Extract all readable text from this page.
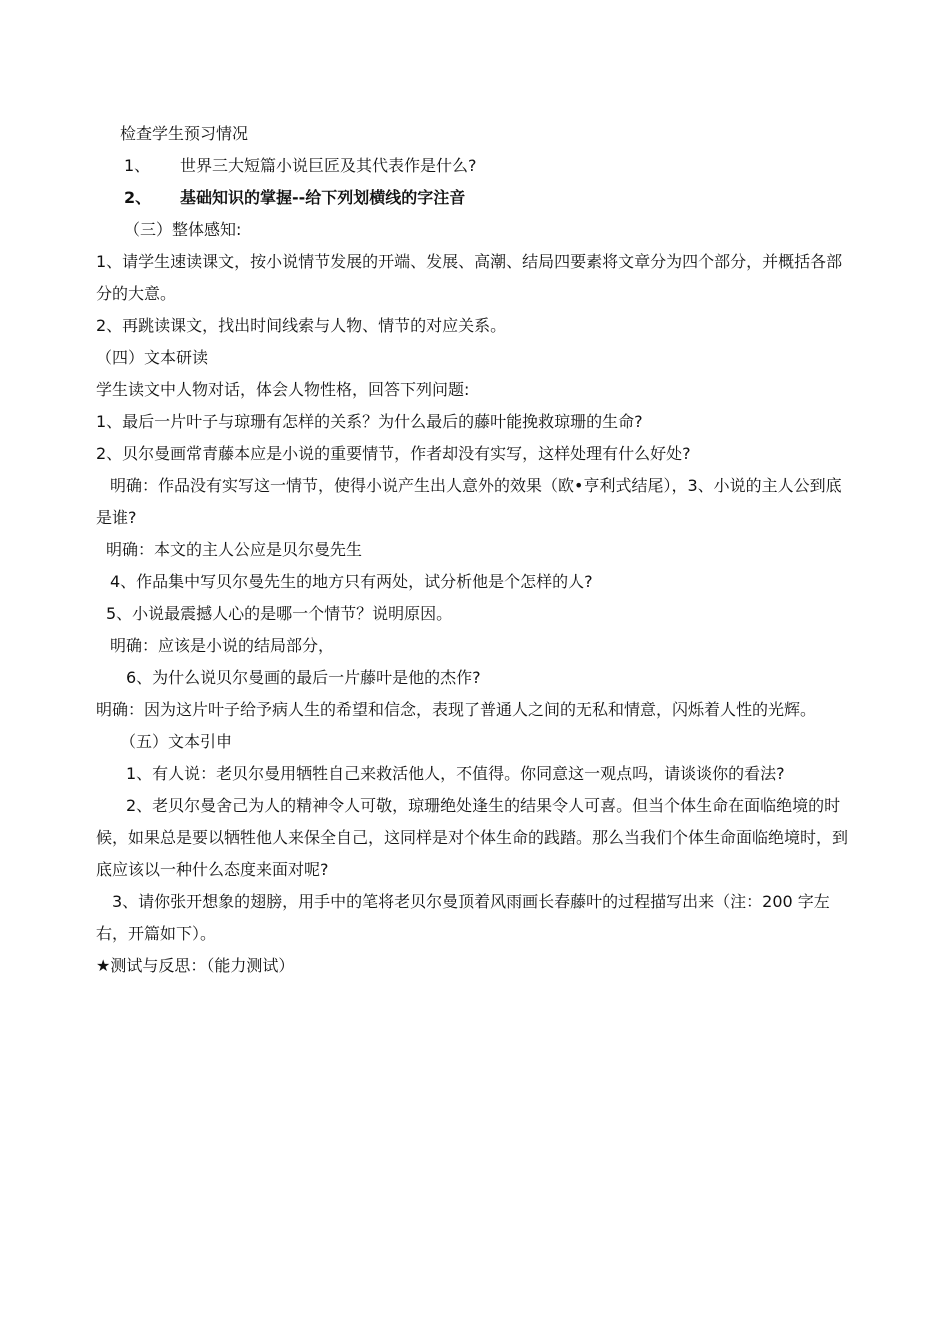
检查学生预习情况
1、 世界三大短篇小说巨匠及其代表作是什么?
2、 基础知识的掌握--给下列划横线的字注音
（三）整体感知:
1、请学生速读课文，按小说情节发展的开端、发展、高潮、结局四要素将文章分为四个部分，并概括各部分的大意。
2、再跳读课文，找出时间线索与人物、情节的对应关系。
（四）文本研读
学生读文中人物对话，体会人物性格，回答下列问题:
1、最后一片叶子与琼珊有怎样的关系？为什么最后的藤叶能挽救琼珊的生命?
2、贝尔曼画常青藤本应是小说的重要情节，作者却没有实写，这样处理有什么好处?
明确：作品没有实写这一情节，使得小说产生出人意外的效果（欧•亨利式结尾），3、小说的主人公到底是谁?
明确：本文的主人公应是贝尔曼先生
4、作品集中写贝尔曼先生的地方只有两处，试分析他是个怎样的人?
5、小说最震撼人心的是哪一个情节？说明原因。
明确：应该是小说的结局部分，
6、为什么说贝尔曼画的最后一片藤叶是他的杰作?
明确：因为这片叶子给予病人生的希望和信念，表现了普通人之间的无私和情意，闪烁着人性的光辉。
（五）文本引申
1、有人说：老贝尔曼用牺牲自己来救活他人，不值得。你同意这一观点吗，请谈谈你的看法?
2、老贝尔曼舍己为人的精神令人可敬，琼珊绝处逢生的结果令人可喜。但当个体生命在面临绝境的时候，如果总是要以牺牲他人来保全自己，这同样是对个体生命的践踏。那么当我们个体生命面临绝境时，到底应该以一种什么态度来面对呢?
3、请你张开想象的翅膀，用手中的笔将老贝尔曼顶着风雨画长春藤叶的过程描写出来（注：200 字左右，开篇如下）。
★测试与反思：（能力测试）
